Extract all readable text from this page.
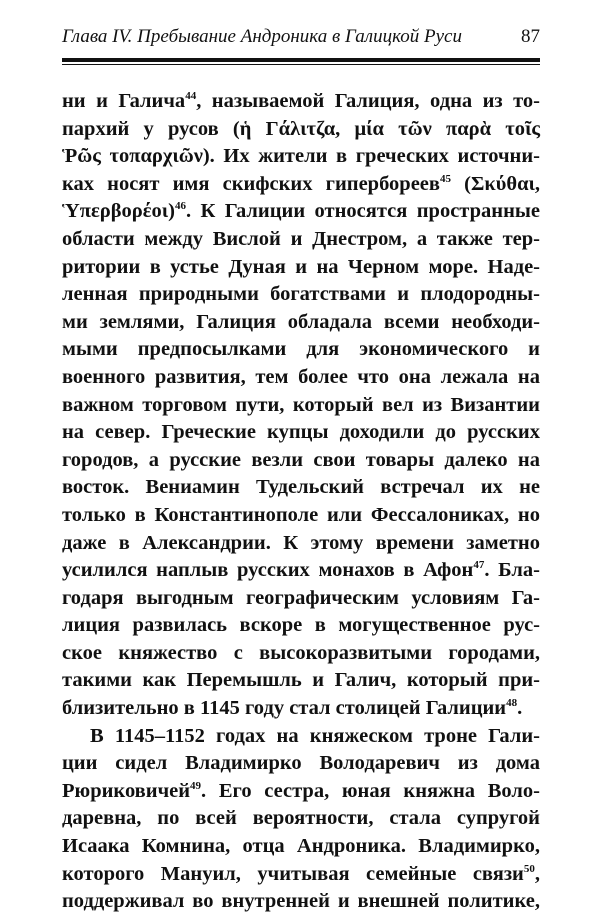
Глава IV. Пребывание Андроника в Галицкой Руси	87
ни и Галича$^{44}$, называемой Галиция, одна из то-
пархий у русов (ἡ Γάλιτζα, μία τῶν παρὰ τοῖς
Ῥῶς τοπαρχιῶν). Их жители в греческих источни-
ках носят имя скифских гипербореев$^{45}$ (Σκύθαι,
Ὑπερβορέοι)$^{46}$. К Галиции относятся пространные
области между Вислой и Днестром, а также тер-
ритории в устье Дуная и на Черном море. Наде-
ленная природными богатствами и плодородны-
ми землями, Галиция обладала всеми необходи-
мыми предпосылками для экономического и
военного развития, тем более что она лежала на
важном торговом пути, который вел из Византии
на север. Греческие купцы доходили до русских
городов, а русские везли свои товары далеко на
восток. Вениамин Тудельский встречал их не
только в Константинополе или Фессалониках, но
даже в Александрии. К этому времени заметно
усилился наплыв русских монахов в Афон$^{47}$. Бла-
годаря выгодным географическим условиям Га-
лиция развилась вскоре в могущественное рус-
ское княжество с высокоразвитыми городами,
такими как Перемышль и Галич, который при-
близительно в 1145 году стал столицей Галиции$^{48}$.
В 1145–1152 годах на княжеском троне Гали-
ции сидел Владимирко Володаревич из дома
Рюриковичей$^{49}$. Его сестра, юная княжна Воло-
даревна, по всей вероятности, стала супругой
Исаака Комнина, отца Андроника. Владимирко,
которого Мануил, учитывая семейные связи$^{50}$,
поддерживал во внутренней и внешней политике,
